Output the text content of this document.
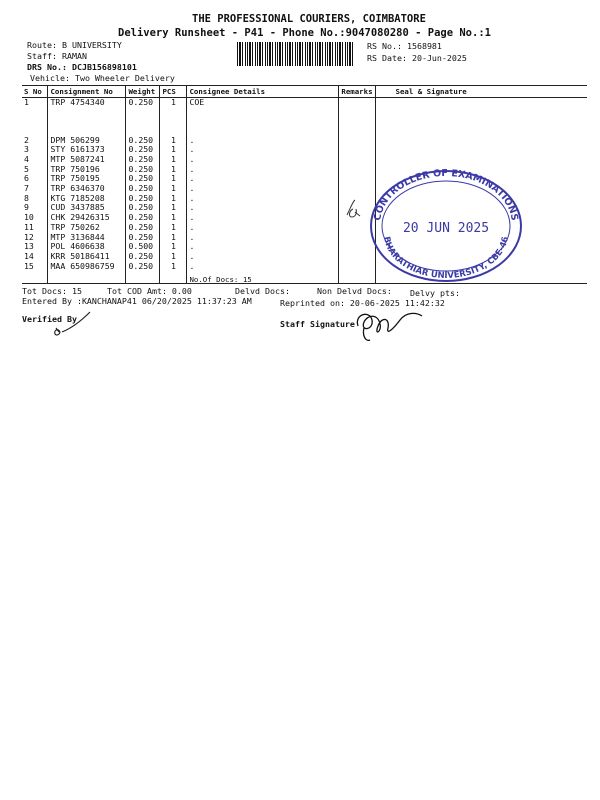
THE PROFESSIONAL COURIERS, COIMBATORE
Delivery Runsheet - P41 - Phone No.:9047080280 - Page No.:1
Route: B UNIVERSITY
Staff: RAMAN
DRS No.: DCJB156898101
Vehicle: Two Wheeler Delivery
RS No.: 1568981
RS Date: 20-Jun-2025
S No	Consignment No	Weight	PCS	Consignee Details	Remarks	Seal & Signature
1	TRP 4754340	0.250	1	COE		
2	DPM 506299	0.250	1	.		
3	STY 6161373	0.250	1	.		
4	MTP 5087241	0.250	1	.		
5	TRP 750196	0.250	1	.		
6	TRP 750195	0.250	1	.		
7	TRP 6346370	0.250	1	.		
8	KTG 7185208	0.250	1	.		
9	CUD 3437885	0.250	1	.		
10	CHK 29426315	0.250	1	.		
11	TRP 750262	0.250	1	.		
12	MTP 3136844	0.250	1	.		
13	POL 4606638	0.500	1	.		
14	KRR 50186411	0.250	1	.		
15	MAA 650986759	0.250	1	.		
				No.Of Docs: 15		
CONTROLLER OF EXAMINATIONS
BHARATHIAR UNIVERSITY, CBE-46
20 JUN 2025
Tot Docs: 15	Tot COD Amt: 0.00	Delvd Docs:	Non Delvd Docs: Delvy pts:
Entered By :KANCHANAP41 06/20/2025 11:37:23 AM	Reprinted on: 20-06-2025 11:42:32
Verified By	Staff Signature
